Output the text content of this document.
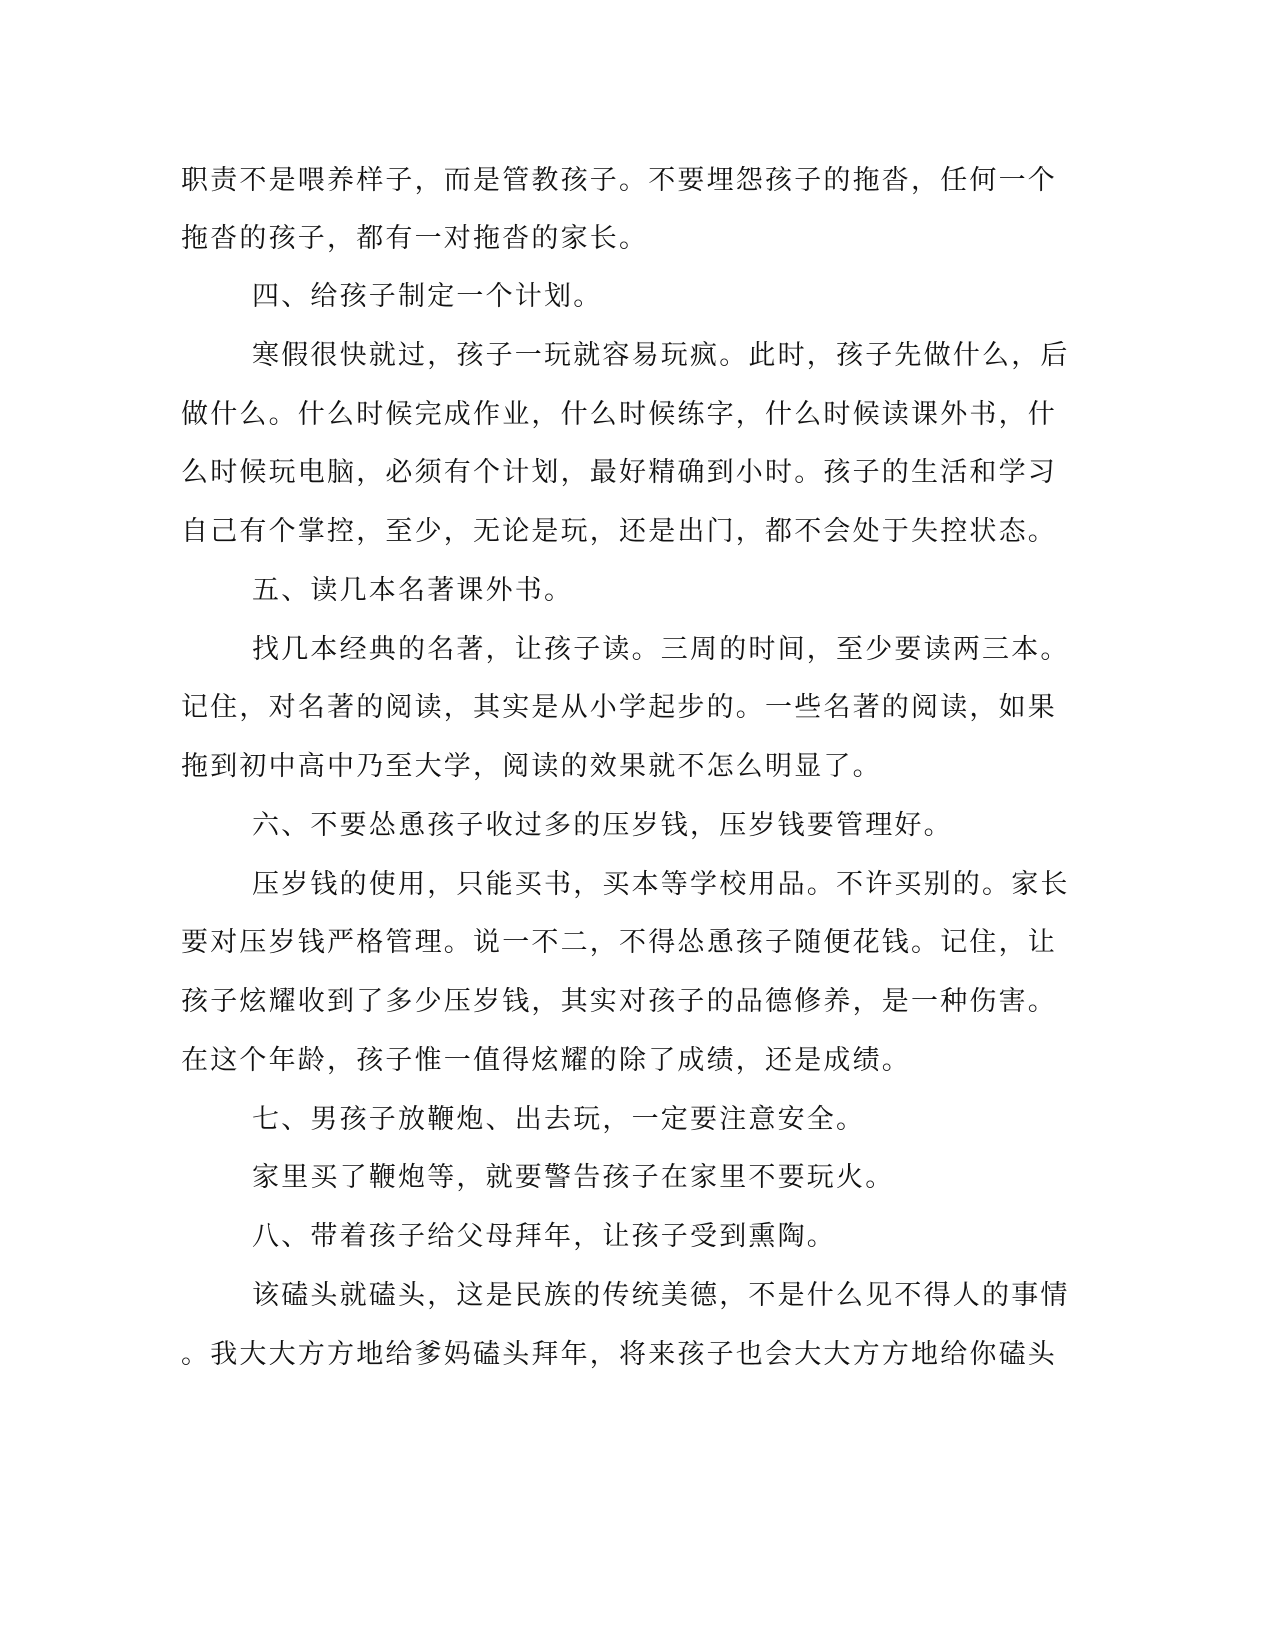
职责不是喂养样子，而是管教孩子。不要埋怨孩子的拖沓，任何一个
拖沓的孩子，都有一对拖沓的家长。
四、给孩子制定一个计划。
寒假很快就过，孩子一玩就容易玩疯。此时，孩子先做什么，后
做什么。什么时候完成作业，什么时候练字，什么时候读课外书，什
么时候玩电脑，必须有个计划，最好精确到小时。孩子的生活和学习
自己有个掌控，至少，无论是玩，还是出门，都不会处于失控状态。
五、读几本名著课外书。
找几本经典的名著，让孩子读。三周的时间，至少要读两三本。
记住，对名著的阅读，其实是从小学起步的。一些名著的阅读，如果
拖到初中高中乃至大学，阅读的效果就不怎么明显了。
六、不要怂恿孩子收过多的压岁钱，压岁钱要管理好。
压岁钱的使用，只能买书，买本等学校用品。不许买别的。家长
要对压岁钱严格管理。说一不二，不得怂恿孩子随便花钱。记住，让
孩子炫耀收到了多少压岁钱，其实对孩子的品德修养，是一种伤害。
在这个年龄，孩子惟一值得炫耀的除了成绩，还是成绩。
七、男孩子放鞭炮、出去玩，一定要注意安全。
家里买了鞭炮等，就要警告孩子在家里不要玩火。
八、带着孩子给父母拜年，让孩子受到熏陶。
该磕头就磕头，这是民族的传统美德，不是什么见不得人的事情
。我大大方方地给爹妈磕头拜年，将来孩子也会大大方方地给你磕头
